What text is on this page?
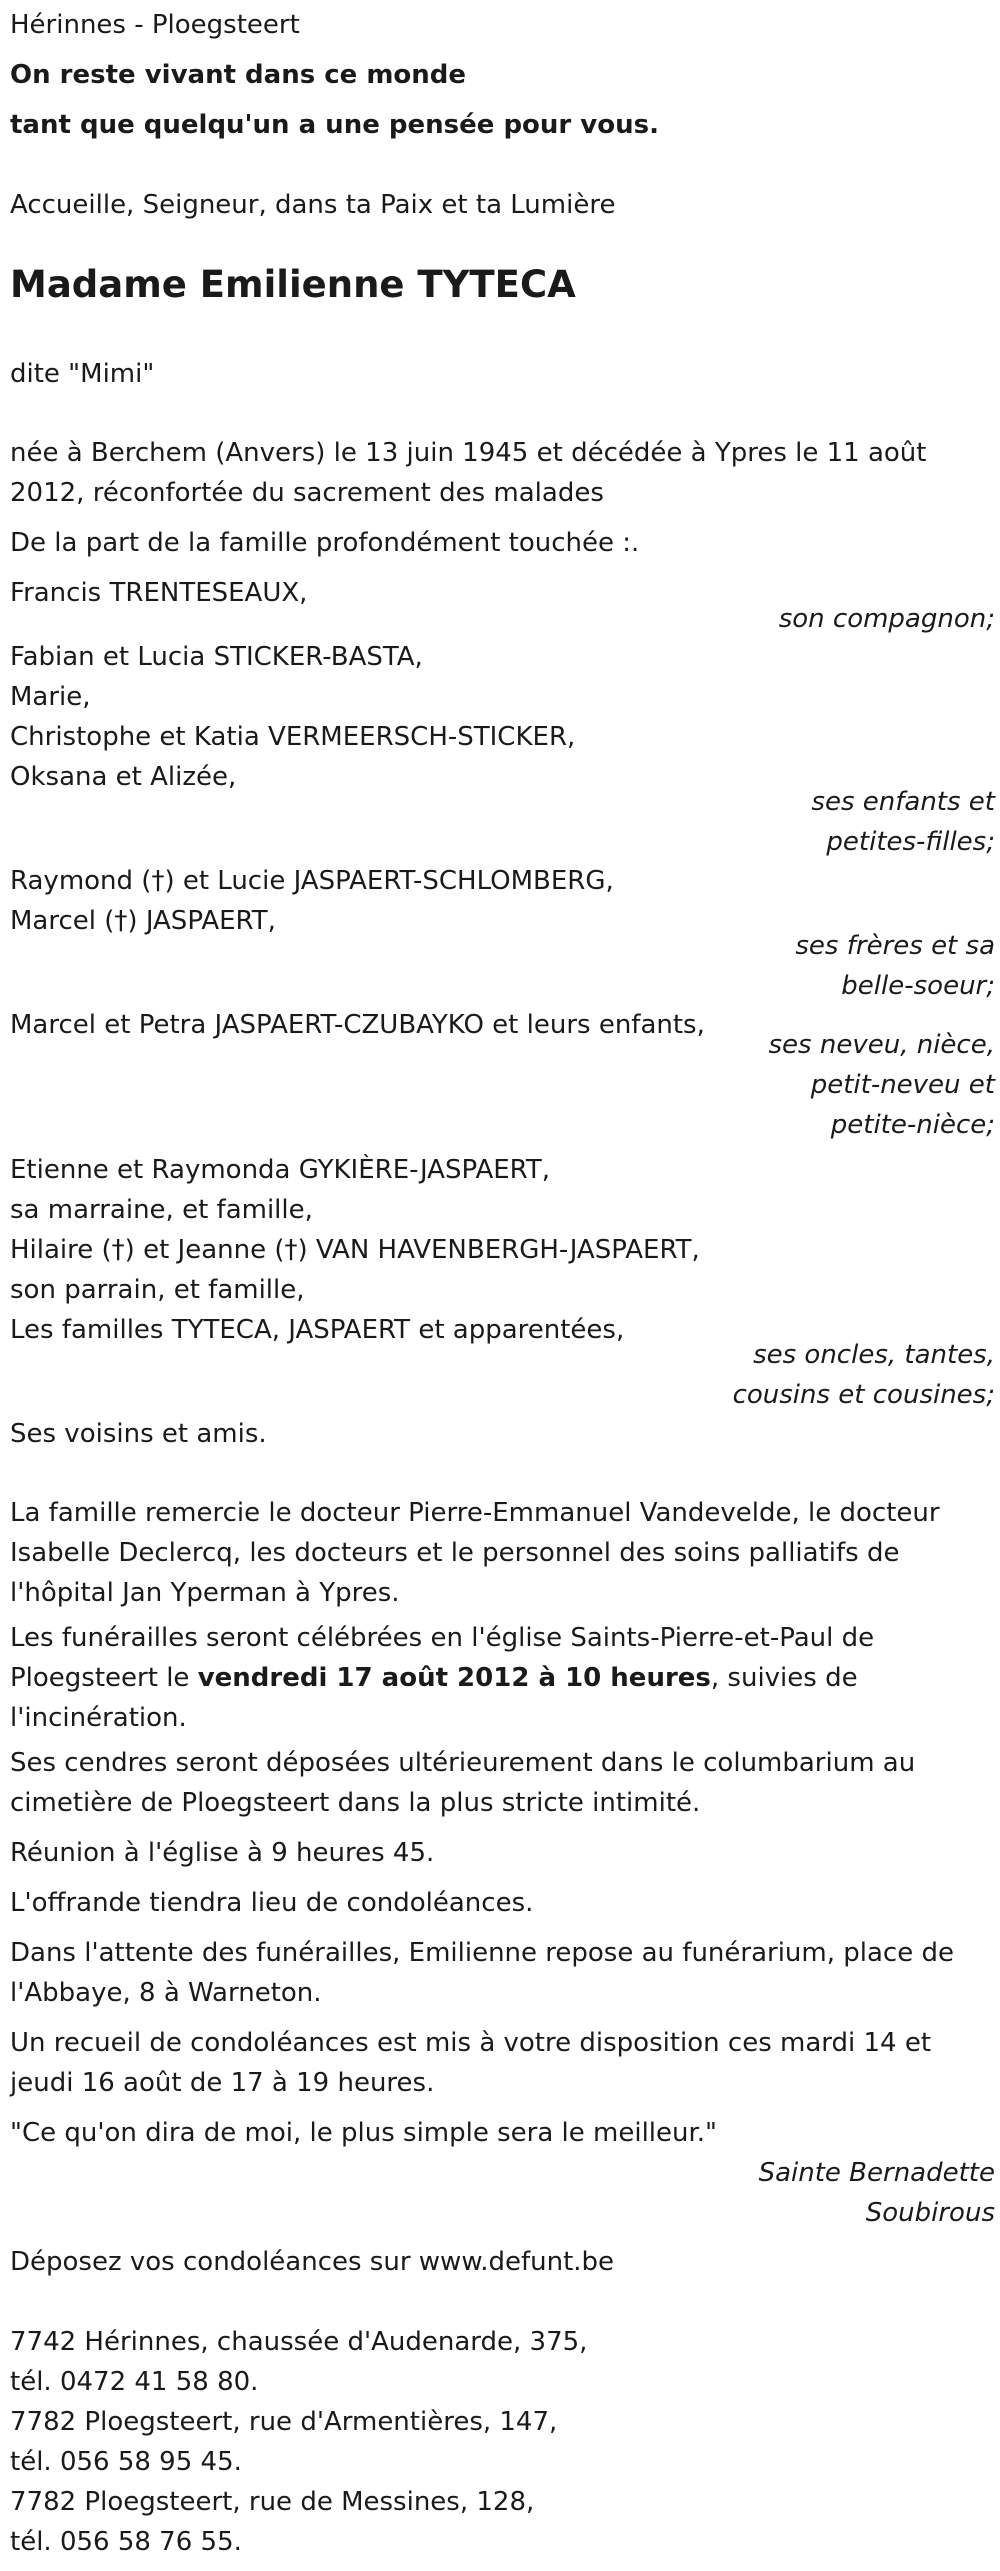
Hérinnes - Ploegsteert
On reste vivant dans ce monde
tant que quelqu'un a une pensée pour vous.
Accueille, Seigneur, dans ta Paix et ta Lumière
Madame Emilienne TYTECA
dite "Mimi"
née à Berchem (Anvers) le 13 juin 1945 et décédée à Ypres le 11 août
2012, réconfortée du sacrement des malades
De la part de la famille profondément touchée :.
Francis TRENTESEAUX,
son compagnon;
Fabian et Lucia STICKER-BASTA,
Marie,
Christophe et Katia VERMEERSCH-STICKER,
Oksana et Alizée,
ses enfants et
petites-filles;
Raymond (†) et Lucie JASPAERT-SCHLOMBERG,
Marcel (†) JASPAERT,
ses frères et sa
belle-soeur;
Marcel et Petra JASPAERT-CZUBAYKO et leurs enfants,
ses neveu, nièce,
petit-neveu et
petite-nièce;
Etienne et Raymonda GYKIÈRE-JASPAERT,
sa marraine, et famille,
Hilaire (†) et Jeanne (†) VAN HAVENBERGH-JASPAERT,
son parrain, et famille,
Les familles TYTECA, JASPAERT et apparentées,
ses oncles, tantes,
cousins et cousines;
Ses voisins et amis.
La famille remercie le docteur Pierre-Emmanuel Vandevelde, le docteur
Isabelle Declercq, les docteurs et le personnel des soins palliatifs de
l'hôpital Jan Yperman à Ypres.
Les funérailles seront célébrées en l'église Saints-Pierre-et-Paul de
Ploegsteert le vendredi 17 août 2012 à 10 heures, suivies de
l'incinération.
Ses cendres seront déposées ultérieurement dans le columbarium au
cimetière de Ploegsteert dans la plus stricte intimité.
Réunion à l'église à 9 heures 45.
L'offrande tiendra lieu de condoléances.
Dans l'attente des funérailles, Emilienne repose au funérarium, place de
l'Abbaye, 8 à Warneton.
Un recueil de condoléances est mis à votre disposition ces mardi 14 et
jeudi 16 août de 17 à 19 heures.
"Ce qu'on dira de moi, le plus simple sera le meilleur."
Sainte Bernadette
Soubirous
Déposez vos condoléances sur www.defunt.be
7742 Hérinnes, chaussée d'Audenarde, 375,
tél. 0472 41 58 80.
7782 Ploegsteert, rue d'Armentières, 147,
tél. 056 58 95 45.
7782 Ploegsteert, rue de Messines, 128,
tél. 056 58 76 55.
